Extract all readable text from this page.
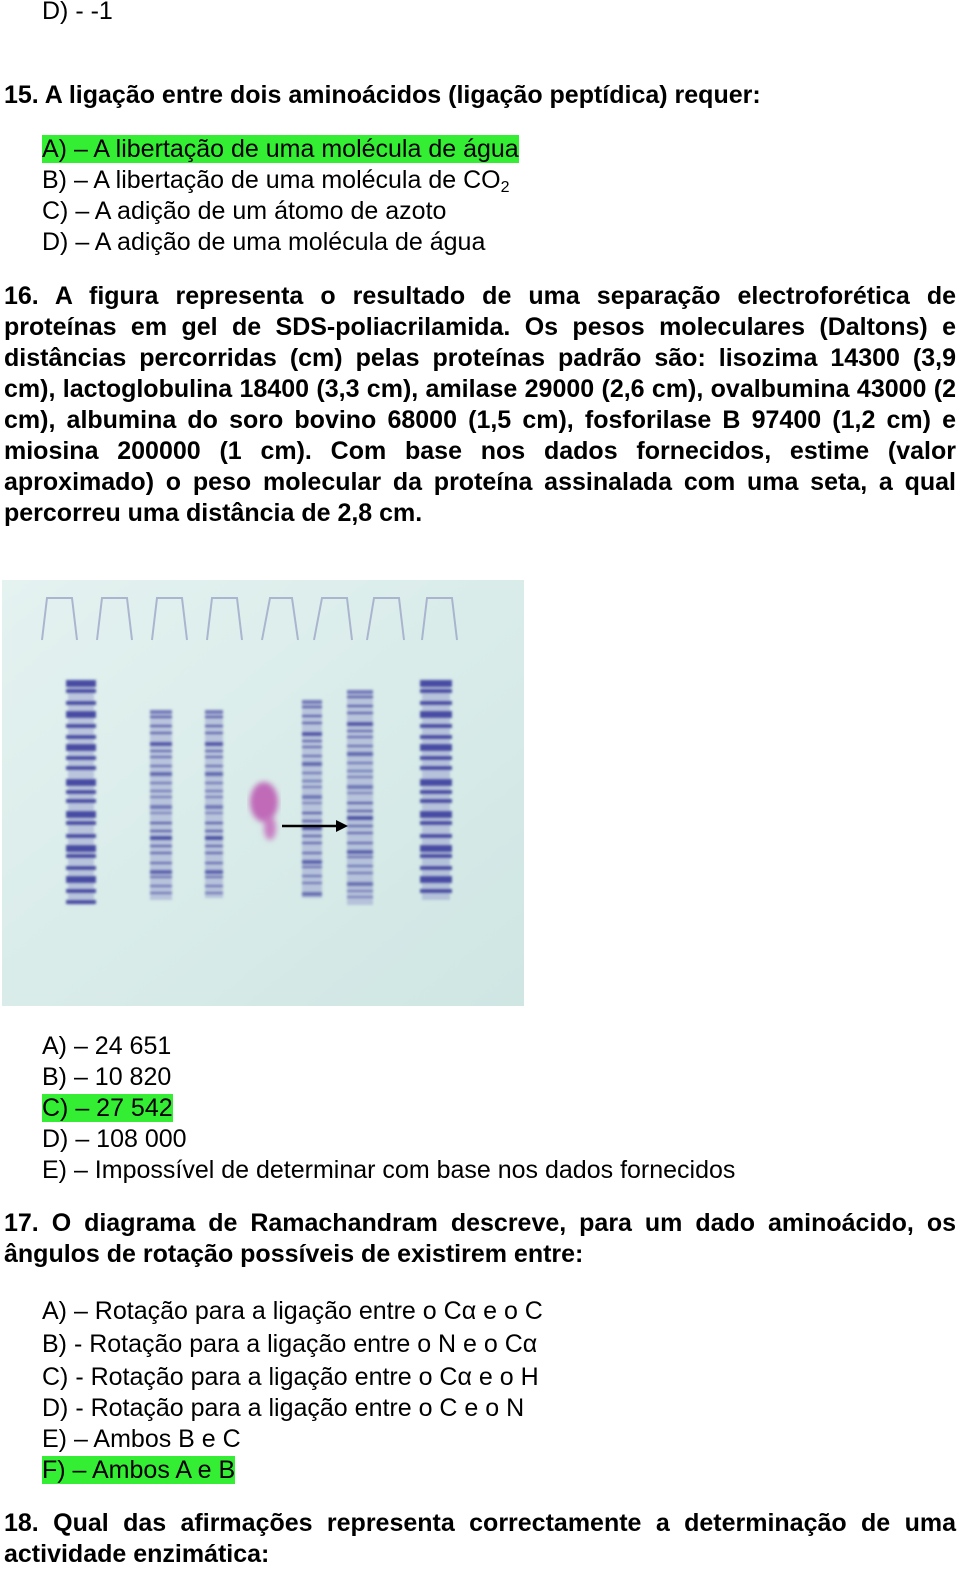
D) - -1
15. A ligação entre dois aminoácidos (ligação peptídica) requer:
A) – A libertação de uma molécula de água
B) – A libertação de uma molécula de $CO_2$
C) – A adição de um átomo de azoto
D) – A adição de uma molécula de água

16. A figura representa o resultado de uma separação electroforética de proteínas em gel de SDS-poliacrilamida. Os pesos moleculares (Daltons) e distâncias percorridas (cm) pelas proteínas padrão são: lisozima 14300 (3,9 cm), lactoglobulina 18400 (3,3 cm), amilase 29000 (2,6 cm), ovalbumina 43000 (2 cm), albumina do soro bovino 68000 (1,5 cm), fosforilase B 97400 (1,2 cm) e miosina 200000 (1 cm). Com base nos dados fornecidos, estime (valor aproximado) o peso molecular da proteína assinalada com uma seta, a qual percorreu uma distância de 2,8 cm.

A) – 24 651
B) – 10 820
C) – 27 542
D) – 108 000
E) – Impossível de determinar com base nos dados fornecidos
17. O diagrama de Ramachandram descreve, para um dado aminoácido, os ângulos de rotação possíveis de existirem entre:
A) – Rotação para a ligação entre o Cα e o C
B) - Rotação para a ligação entre o N e o Cα
C) - Rotação para a ligação entre o Cα e o H
D) - Rotação para a ligação entre o C e o N
E) – Ambos B e C
F) – Ambos A e B
18. Qual das afirmações representa correctamente a determinação de uma actividade enzimática:
